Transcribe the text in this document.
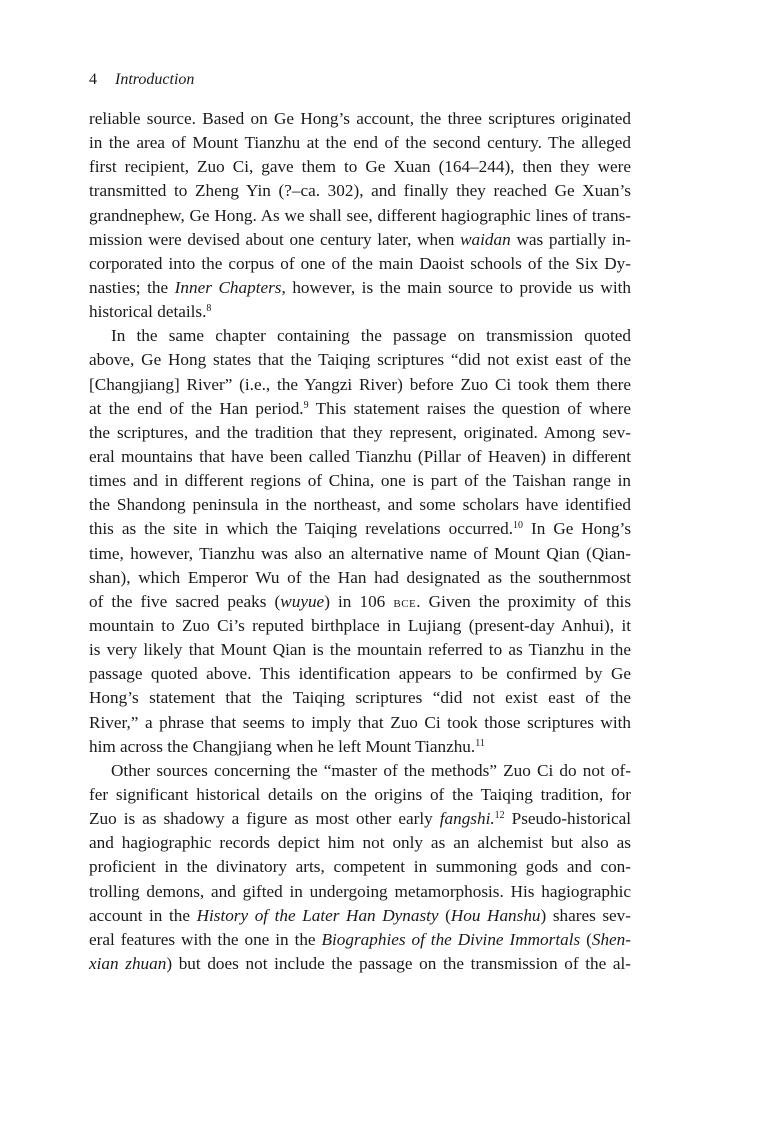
4 Introduction
reliable source. Based on Ge Hong’s account, the three scriptures originated
in the area of Mount Tianzhu at the end of the second century. The alleged
first recipient, Zuo Ci, gave them to Ge Xuan (164–244), then they were
transmitted to Zheng Yin (?–ca. 302), and finally they reached Ge Xuan’s
grandnephew, Ge Hong. As we shall see, different hagiographic lines of trans-
mission were devised about one century later, when waidan was partially in-
corporated into the corpus of one of the main Daoist schools of the Six Dy-
nasties; the Inner Chapters, however, is the main source to provide us with
historical details.$^8$
In the same chapter containing the passage on transmission quoted
above, Ge Hong states that the Taiqing scriptures “did not exist east of the
[Changjiang] River” (i.e., the Yangzi River) before Zuo Ci took them there
at the end of the Han period.$^9$ This statement raises the question of where
the scriptures, and the tradition that they represent, originated. Among sev-
eral mountains that have been called Tianzhu (Pillar of Heaven) in different
times and in different regions of China, one is part of the Taishan range in
the Shandong peninsula in the northeast, and some scholars have identified
this as the site in which the Taiqing revelations occurred.$^{10}$ In Ge Hong’s
time, however, Tianzhu was also an alternative name of Mount Qian (Qian-
shan), which Emperor Wu of the Han had designated as the southernmost
of the five sacred peaks (wuyue) in 106 bce. Given the proximity of this
mountain to Zuo Ci’s reputed birthplace in Lujiang (present-day Anhui), it
is very likely that Mount Qian is the mountain referred to as Tianzhu in the
passage quoted above. This identification appears to be confirmed by Ge
Hong’s statement that the Taiqing scriptures “did not exist east of the
River,” a phrase that seems to imply that Zuo Ci took those scriptures with
him across the Changjiang when he left Mount Tianzhu.$^{11}$
Other sources concerning the “master of the methods” Zuo Ci do not of-
fer significant historical details on the origins of the Taiqing tradition, for
Zuo is as shadowy a figure as most other early fangshi.$^{12}$ Pseudo-historical
and hagiographic records depict him not only as an alchemist but also as
proficient in the divinatory arts, competent in summoning gods and con-
trolling demons, and gifted in undergoing metamorphosis. His hagiographic
account in the History of the Later Han Dynasty (Hou Hanshu) shares sev-
eral features with the one in the Biographies of the Divine Immortals (Shen-
xian zhuan) but does not include the passage on the transmission of the al-
